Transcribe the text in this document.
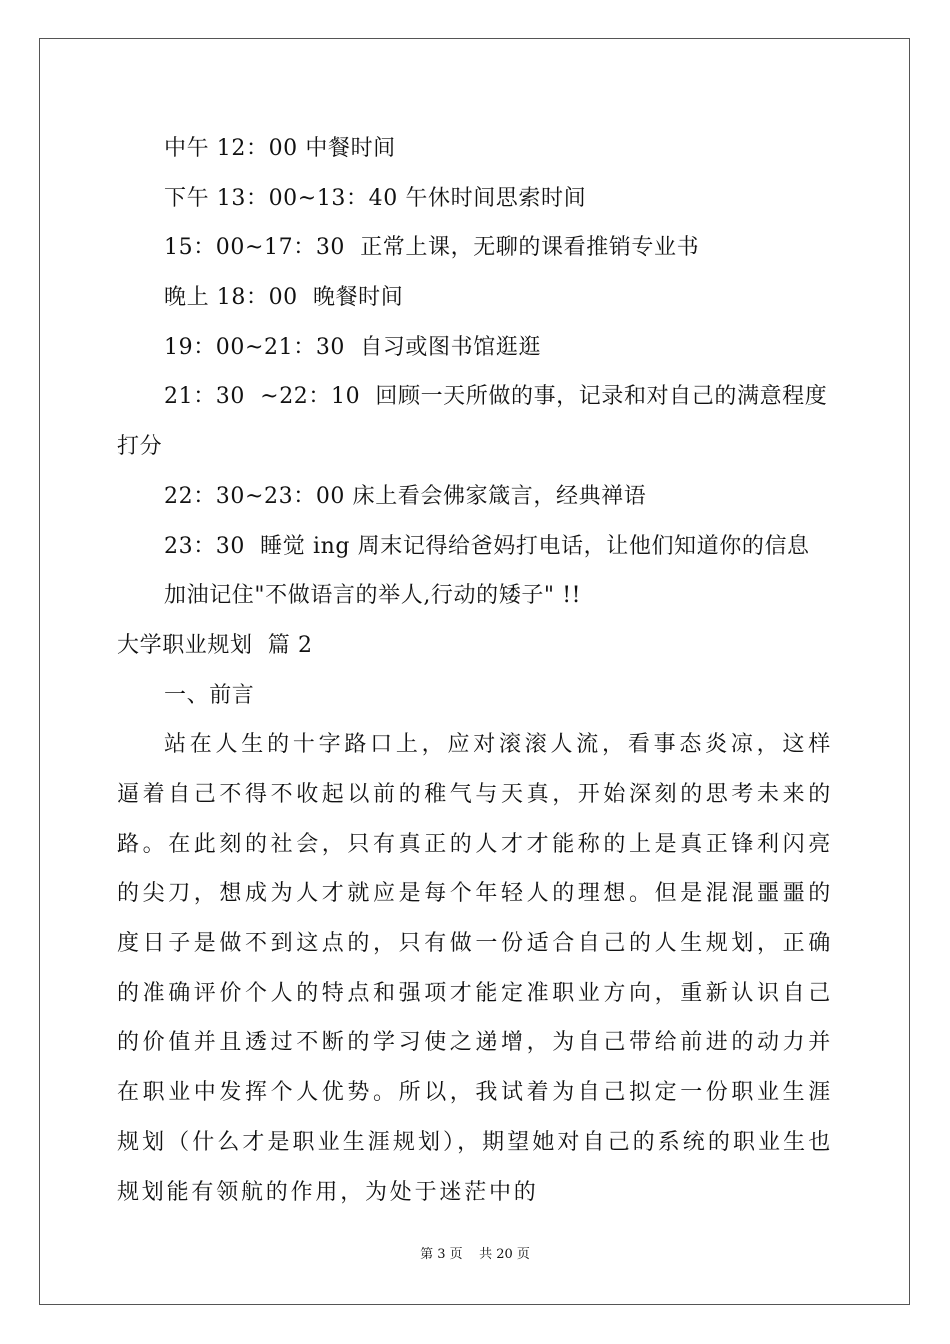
中午 12：00 中餐时间
下午 13：00~13：40 午休时间思索时间
15：00~17：30  正常上课，无聊的课看推销专业书
晚上 18：00  晚餐时间
19：00~21：30  自习或图书馆逛逛
21：30  ~22：10  回顾一天所做的事，记录和对自己的满意程度
打分
22：30~23：00 床上看会佛家箴言，经典禅语
23：30  睡觉 ing 周末记得给爸妈打电话，让他们知道你的信息
加油记住"不做语言的举人,行动的矮子" !!
大学职业规划  篇 2
一、前言

站在人生的十字路口上，应对滚滚人流，看事态炎凉，这样逼着自己不得不收起以前的稚气与天真，开始深刻的思考未来的路。在此刻的社会，只有真正的人才才能称的上是真正锋利闪亮的尖刀，想成为人才就应是每个年轻人的理想。但是混混噩噩的度日子是做不到这点的，只有做一份适合自己的人生规划，正确的准确评价个人的特点和强项才能定准职业方向，重新认识自己的价值并且透过不断的学习使之递增，为自己带给前进的动力并在职业中发挥个人优势。所以，我试着为自己拟定一份职业生涯规划（什么才是职业生涯规划），期望她对自己的系统的职业生也规划能有领航的作用，为处于迷茫中的

第 3 页    共 20 页
